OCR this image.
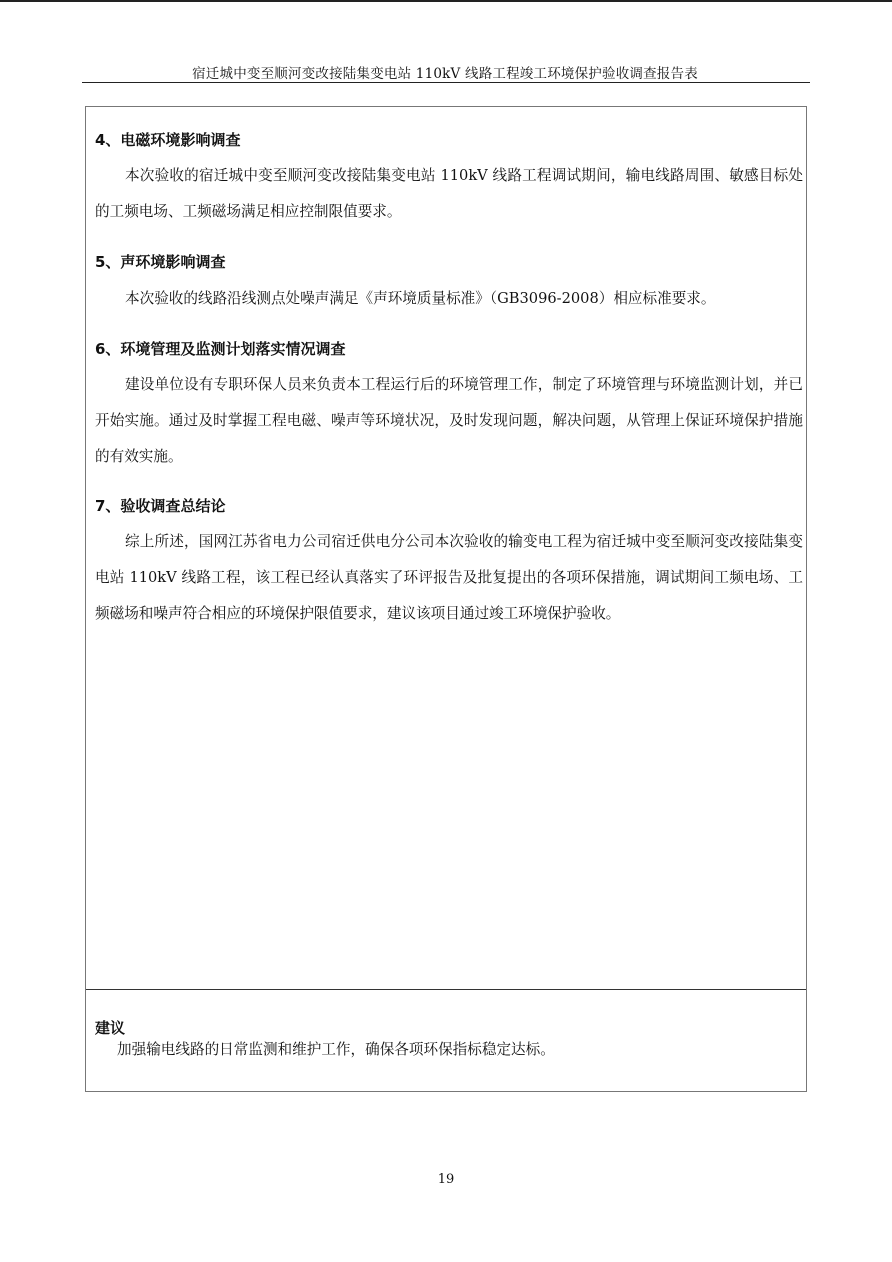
宿迁城中变至顺河变改接陆集变电站 110kV 线路工程竣工环境保护验收调查报告表
4、电磁环境影响调查
本次验收的宿迁城中变至顺河变改接陆集变电站 110kV 线路工程调试期间，输电线路周围、敏感目标处的工频电场、工频磁场满足相应控制限值要求。
5、声环境影响调查
本次验收的线路沿线测点处噪声满足《声环境质量标准》（GB3096-2008）相应标准要求。
6、环境管理及监测计划落实情况调查
建设单位设有专职环保人员来负责本工程运行后的环境管理工作，制定了环境管理与环境监测计划，并已开始实施。通过及时掌握工程电磁、噪声等环境状况，及时发现问题，解决问题，从管理上保证环境保护措施的有效实施。
7、验收调查总结论
综上所述，国网江苏省电力公司宿迁供电分公司本次验收的输变电工程为宿迁城中变至顺河变改接陆集变电站 110kV 线路工程，该工程已经认真落实了环评报告及批复提出的各项环保措施，调试期间工频电场、工频磁场和噪声符合相应的环境保护限值要求，建议该项目通过竣工环境保护验收。
建议
加强输电线路的日常监测和维护工作，确保各项环保指标稳定达标。
19
